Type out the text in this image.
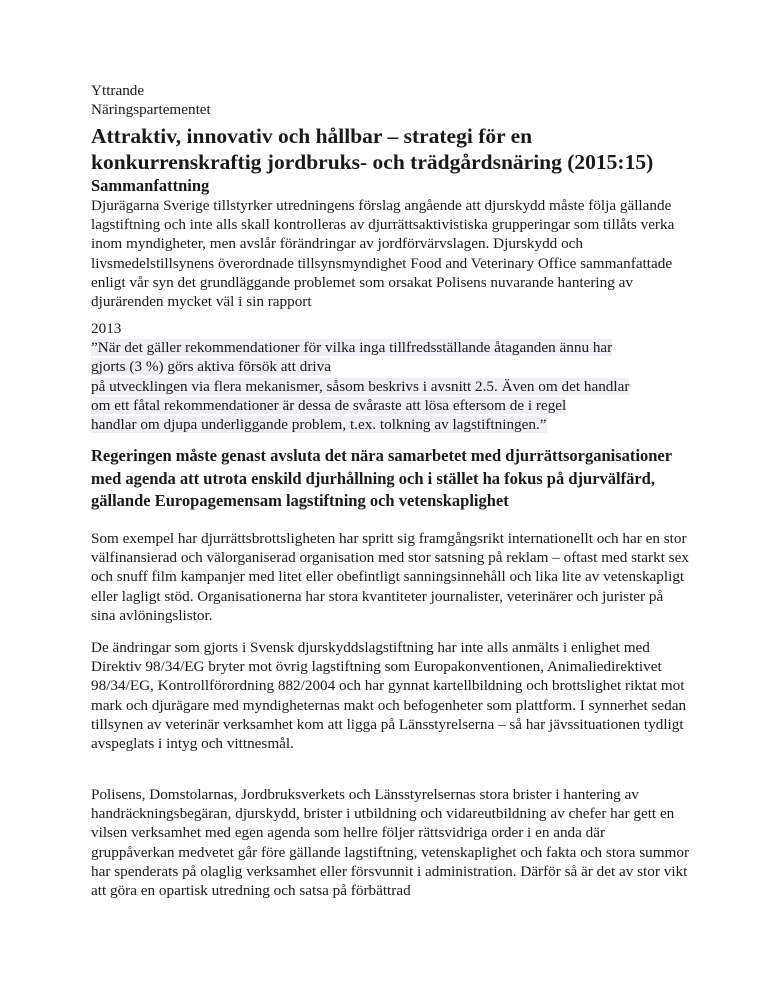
Yttrande

Näringspartementet

Attraktiv, innovativ och hållbar – strategi för en konkurrenskraftig jordbruks- och trädgårdsnäring (2015:15)
Sammanfattning

Djurägarna Sverige tillstyrker utredningens förslag angående att djurskydd måste följa gällande lagstiftning och inte alls skall kontrolleras av djurrättsaktivistiska grupperingar som tillåts verka inom myndigheter, men avslår förändringar av jordförvärvslagen. Djurskydd och livsmedelstillsynens överordnade tillsynsmyndighet Food and Veterinary Office sammanfattade enligt vår syn det grundläggande problemet som orsakat Polisens nuvarande hantering av djurärenden mycket väl i sin rapport

2013

”När det gäller rekommendationer för vilka inga tillfredsställande åtaganden ännu har

gjorts (3 %) görs aktiva försök att driva

på utvecklingen via flera mekanismer, såsom beskrivs i avsnitt 2.5. Även om det handlar

om ett fåtal rekommendationer är dessa de svåraste att lösa eftersom de i regel

handlar om djupa underliggande problem, t.ex. tolkning av lagstiftningen.”

Regeringen måste genast avsluta det nära samarbetet med djurrättsorganisationer med agenda att utrota enskild djurhållning och i stället ha fokus på djurvälfärd, gällande Europagemensam lagstiftning och vetenskaplighet

Som exempel har djurrättsbrottsligheten har spritt sig framgångsrikt internationellt och har en stor välfinansierad och välorganiserad organisation med stor satsning på reklam – oftast med starkt sex och snuff film kampanjer med litet eller obefintligt sanningsinnehåll och lika lite av vetenskapligt eller lagligt stöd. Organisationerna har stora kvantiteter journalister, veterinärer och jurister på sina avlöningslistor.

De ändringar som gjorts i Svensk djurskyddslagstiftning har inte alls anmälts i enlighet med Direktiv 98/34/EG bryter mot övrig lagstiftning som Europakonventionen, Animaliedirektivet 98/34/EG, Kontrollförordning 882/2004 och har gynnat kartellbildning och brottslighet riktat mot mark och djurägare med myndigheternas makt och befogenheter som plattform. I synnerhet sedan tillsynen av veterinär verksamhet kom att ligga på Länsstyrelserna – så har jävssituationen tydligt avspeglats i intyg och vittnesmål.

Polisens, Domstolarnas, Jordbruksverkets och Länsstyrelsernas stora brister i hantering av handräckningsbegäran, djurskydd, brister i utbildning och vidareutbildning av chefer har gett en vilsen verksamhet med egen agenda som hellre följer rättsvidriga order i en anda där gruppåverkan medvetet går före gällande lagstiftning, vetenskaplighet och fakta och stora summor har spenderats på olaglig verksamhet eller försvunnit i administration. Därför så är det av stor vikt att göra en opartisk utredning och satsa på förbättrad
